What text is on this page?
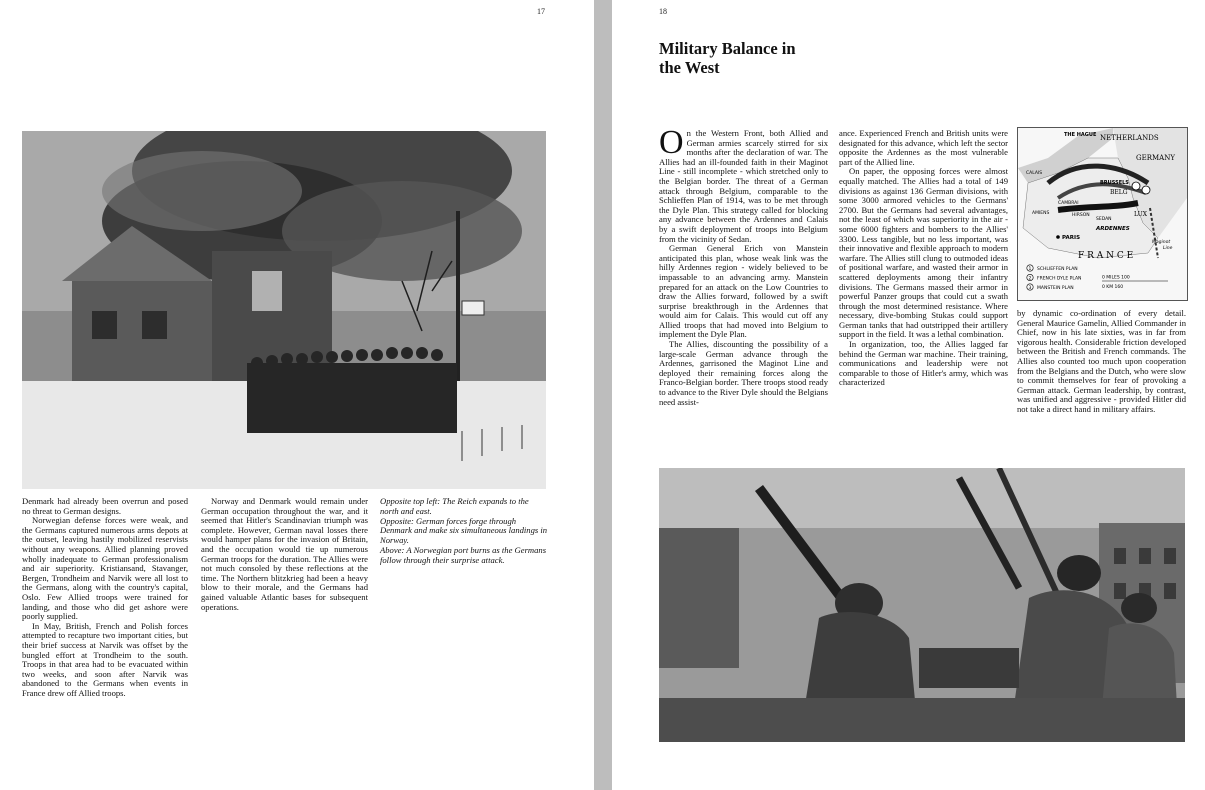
17

Denmark had already been overrun and posed no threat to German designs.

Norwegian defense forces were weak, and the Germans captured numerous arms depots at the outset, leaving hastily mobilized reservists without any weapons. Allied planning proved wholly inadequate to German professionalism and air superiority. Kristiansand, Stavanger, Bergen, Trondheim and Narvik were all lost to the Germans, along with the country's capital, Oslo. Few Allied troops were trained for landing, and those who did get ashore were poorly supplied.

In May, British, French and Polish forces attempted to recapture two important cities, but their brief success at Narvik was offset by the bungled effort at Trondheim to the south. Troops in that area had to be evacuated within two weeks, and soon after Narvik was abandoned to the Germans when events in France drew off Allied troops.

Norway and Denmark would remain under German occupation throughout the war, and it seemed that Hitler's Scandinavian triumph was complete. However, German naval losses there would hamper plans for the invasion of Britain, and the occupation would tie up numerous German troops for the duration. The Allies were not much consoled by these reflections at the time. The Northern blitzkrieg had been a heavy blow to their morale, and the Germans had gained valuable Atlantic bases for subsequent operations.

Opposite top left: The Reich expands to the north and east.

Opposite: German forces forge through Denmark and make six simultaneous landings in Norway.

Above: A Norwegian port burns as the Germans follow through their surprise attack.

18
Military Balance in
the West

On the Western Front, both Allied and German armies scarcely stirred for six months after the declaration of war. The Allies had an ill-founded faith in their Maginot Line - still incomplete - which stretched only to the Belgian border. The threat of a German attack through Belgium, comparable to the Schlieffen Plan of 1914, was to be met through the Dyle Plan. This strategy called for blocking any advance between the Ardennes and Calais by a swift deployment of troops into Belgium from the vicinity of Sedan.

German General Erich von Manstein anticipated this plan, whose weak link was the hilly Ardennes region - widely believed to be impassable to an advancing army. Manstein prepared for an attack on the Low Countries to draw the Allies forward, followed by a swift surprise breakthrough in the Ardennes that would aim for Calais. This would cut off any Allied troops that had moved into Belgium to implement the Dyle Plan.

The Allies, discounting the possibility of a large-scale German advance through the Ardennes, garrisoned the Maginot Line and deployed their remaining forces along the Franco-Belgian border. There troops stood ready to advance to the River Dyle should the Belgians need assist-

ance. Experienced French and British units were designated for this advance, which left the sector opposite the Ardennes as the most vulnerable part of the Allied line.

On paper, the opposing forces were almost equally matched. The Allies had a total of 149 divisions as against 136 German divisions, with some 3000 armored vehicles to the Germans' 2700. But the Germans had several advantages, not the least of which was superiority in the air - some 6000 fighters and bombers to the Allies' 3300. Less tangible, but no less important, was their innovative and flexible approach to modern warfare. The Allies still clung to outmoded ideas of positional warfare, and wasted their armor in scattered deployments among their infantry divisions. The Germans massed their armor in powerful Panzer groups that could cut a swath through the most determined resistance. Where necessary, dive-bombing Stukas could support German tanks that had outstripped their artillery support in the field. It was a lethal combination.

In organization, too, the Allies lagged far behind the German war machine. Their training, communications and leadership were not comparable to those of Hitler's army, which was characterized

THE HAGUE NETHERLANDS
GERMANY
CALAIS
BRUSSELS
BELG
CAMBRAI
AMIENS	HIRSON
SEDAN
LUX
ARDENNES
PARIS
F R A N C E
Maginot
Line
1 SCHLIEFFEN PLAN
2 FRENCH DYLE PLAN
3 MANSTEIN PLAN
0 MILES 100
0 KM 160

by dynamic co-ordination of every detail. General Maurice Gamelin, Allied Commander in Chief, now in his late sixties, was in far from vigorous health. Considerable friction developed between the British and French commands. The Allies also counted too much upon cooperation from the Belgians and the Dutch, who were slow to commit themselves for fear of provoking a German attack. German leadership, by contrast, was unified and aggressive - provided Hitler did not take a direct hand in military affairs.
